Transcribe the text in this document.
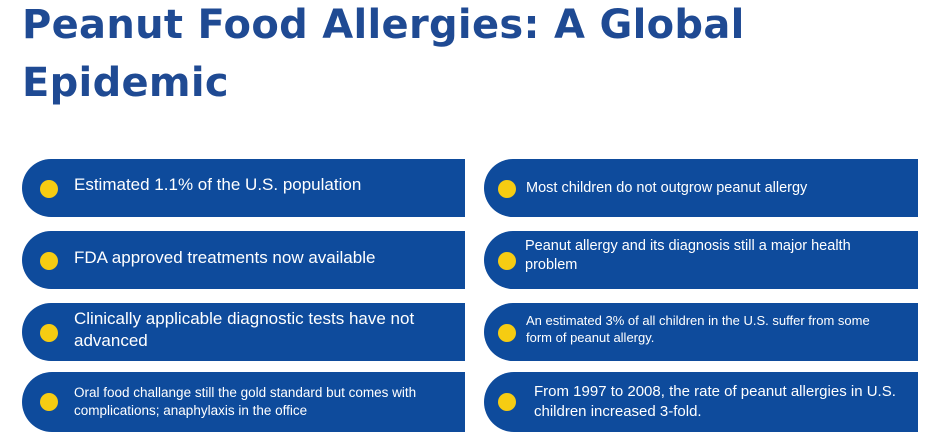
Peanut Food Allergies: A Global Epidemic
Estimated 1.1% of the U.S. population
FDA approved treatments now available
Clinically applicable diagnostic tests have not advanced
Oral food challange still the gold standard but comes with complications; anaphylaxis in the office
Most children do not outgrow peanut allergy
Peanut allergy and its diagnosis still a major health problem
An estimated 3% of all children in the U.S. suffer from some form of peanut allergy.
From 1997 to 2008, the rate of peanut allergies in U.S. children increased 3-fold.
